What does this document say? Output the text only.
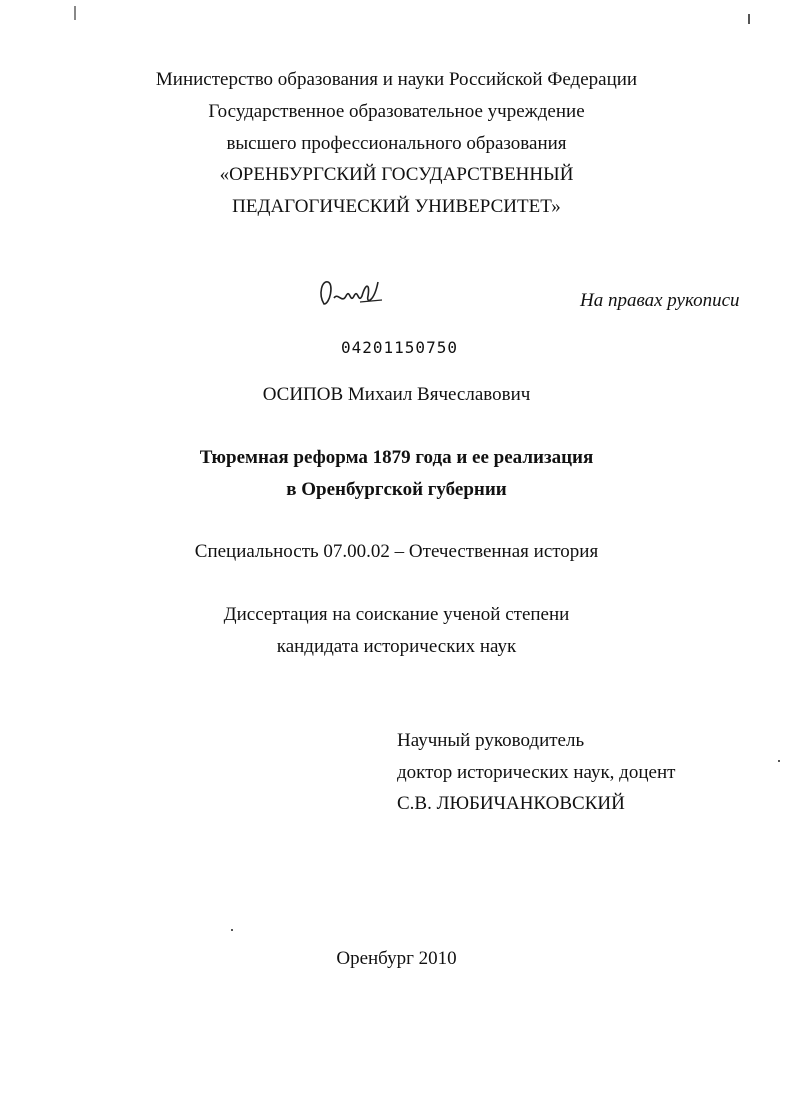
Министерство образования и науки Российской Федерации
Государственное образовательное учреждение
высшего профессионального образования
«ОРЕНБУРГСКИЙ ГОСУДАРСТВЕННЫЙ
ПЕДАГОГИЧЕСКИЙ УНИВЕРСИТЕТ»
На правах рукописи
04201150750
ОСИПОВ Михаил Вячеславович
Тюремная реформа 1879 года и ее реализация
в Оренбургской губернии
Специальность 07.00.02 – Отечественная история
Диссертация на соискание ученой степени
кандидата исторических наук
Научный руководитель
доктор исторических наук, доцент
С.В. ЛЮБИЧАНКОВСКИЙ
Оренбург 2010
